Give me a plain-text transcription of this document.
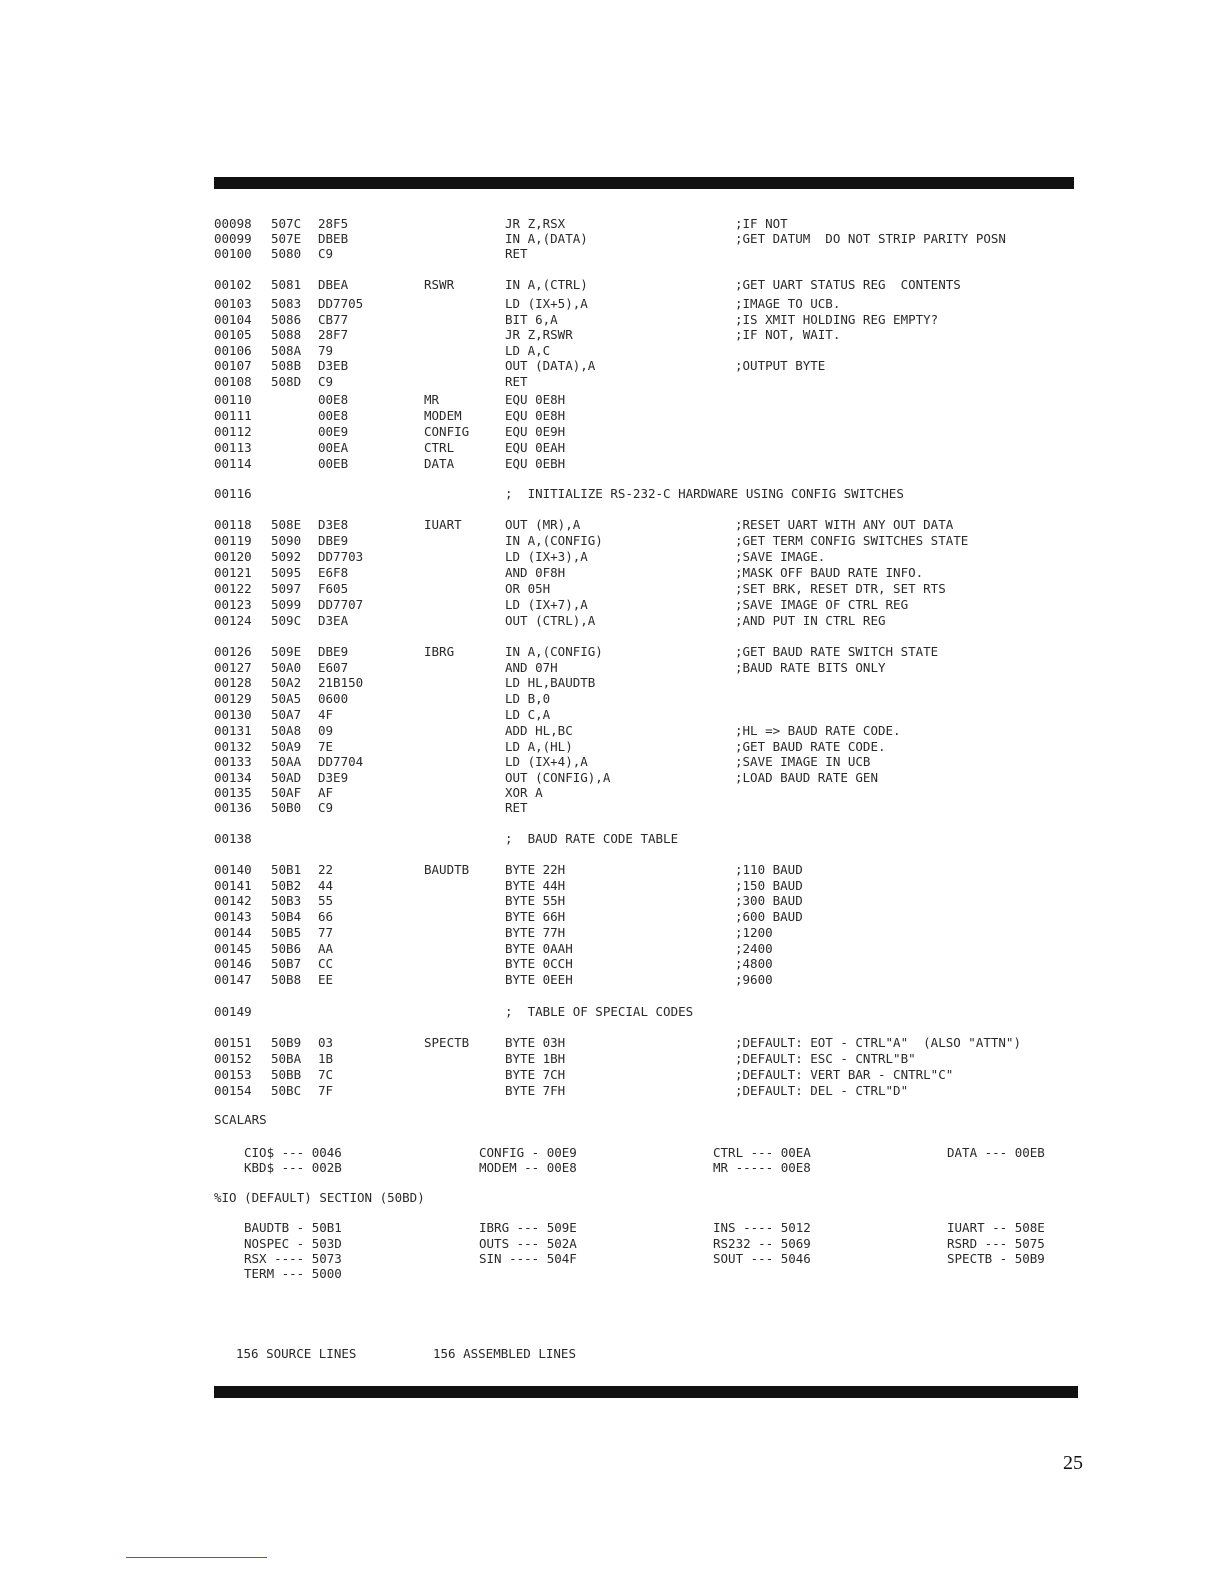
00098 507C 28F5	JR Z,RSX	;IF NOT
00099 507E DBEB	IN A,(DATA)	;GET DATUM  DO NOT STRIP PARITY POSN
00100 5080 C9	RET
00102 5081 DBEA	RSWR	IN A,(CTRL)	;GET UART STATUS REG  CONTENTS
00103 5083 DD7705	LD (IX+5),A	;IMAGE TO UCB.
00104 5086 CB77	BIT 6,A	;IS XMIT HOLDING REG EMPTY?
00105 5088 28F7	JR Z,RSWR	;IF NOT, WAIT.
00106 508A 79	LD A,C
00107 508B D3EB	OUT (DATA),A	;OUTPUT BYTE
00108 508D C9	RET
00110	00E8	MR	EQU 0E8H
00111	00E8	MODEM	EQU 0E8H
00112	00E9	CONFIG	EQU 0E9H
00113	00EA	CTRL	EQU 0EAH
00114	00EB	DATA	EQU 0EBH
00116	;  INITIALIZE RS-232-C HARDWARE USING CONFIG SWITCHES
00118 508E D3E8	IUART	OUT (MR),A	;RESET UART WITH ANY OUT DATA
00119 5090 DBE9	IN A,(CONFIG)	;GET TERM CONFIG SWITCHES STATE
00120 5092 DD7703	LD (IX+3),A	;SAVE IMAGE.
00121 5095 E6F8	AND 0F8H	;MASK OFF BAUD RATE INFO.
00122 5097 F605	OR 05H	;SET BRK, RESET DTR, SET RTS
00123 5099 DD7707	LD (IX+7),A	;SAVE IMAGE OF CTRL REG
00124 509C D3EA	OUT (CTRL),A	;AND PUT IN CTRL REG
00126 509E DBE9	IBRG	IN A,(CONFIG)	;GET BAUD RATE SWITCH STATE
00127 50A0 E607	AND 07H	;BAUD RATE BITS ONLY
00128 50A2 21B150	LD HL,BAUDTB
00129 50A5 0600	LD B,0
00130 50A7 4F	LD C,A
00131 50A8 09	ADD HL,BC	;HL => BAUD RATE CODE.
00132 50A9 7E	LD A,(HL)	;GET BAUD RATE CODE.
00133 50AA DD7704	LD (IX+4),A	;SAVE IMAGE IN UCB
00134 50AD D3E9	OUT (CONFIG),A	;LOAD BAUD RATE GEN
00135 50AF AF	XOR A
00136 50B0 C9	RET
00138	;  BAUD RATE CODE TABLE
00140 50B1 22	BAUDTB	BYTE 22H	;110 BAUD
00141 50B2 44	BYTE 44H	;150 BAUD
00142 50B3 55	BYTE 55H	;300 BAUD
00143 50B4 66	BYTE 66H	;600 BAUD
00144 50B5 77	BYTE 77H	;1200
00145 50B6 AA	BYTE 0AAH	;2400
00146 50B7 CC	BYTE 0CCH	;4800
00147 50B8 EE	BYTE 0EEH	;9600
00149	;  TABLE OF SPECIAL CODES
00151 50B9 03	SPECTB	BYTE 03H	;DEFAULT: EOT - CTRL"A"  (ALSO "ATTN")
00152 50BA 1B	BYTE 1BH	;DEFAULT: ESC - CNTRL"B"
00153 50BB 7C	BYTE 7CH	;DEFAULT: VERT BAR - CNTRL"C"
00154 50BC 7F	BYTE 7FH	;DEFAULT: DEL - CTRL"D"
SCALARS
CIO$ --- 0046	CONFIG - 00E9	CTRL --- 00EA	DATA --- 00EB
KBD$ --- 002B	MODEM -- 00E8	MR ----- 00E8
%IO (DEFAULT) SECTION (50BD)
BAUDTB - 50B1	IBRG --- 509E	INS ---- 5012	IUART -- 508E
NOSPEC - 503D	OUTS --- 502A	RS232 -- 5069	RSRD --- 5075
RSX ---- 5073	SIN ---- 504F	SOUT --- 5046	SPECTB - 50B9
TERM --- 5000
156 SOURCE LINES	156 ASSEMBLED LINES
25
